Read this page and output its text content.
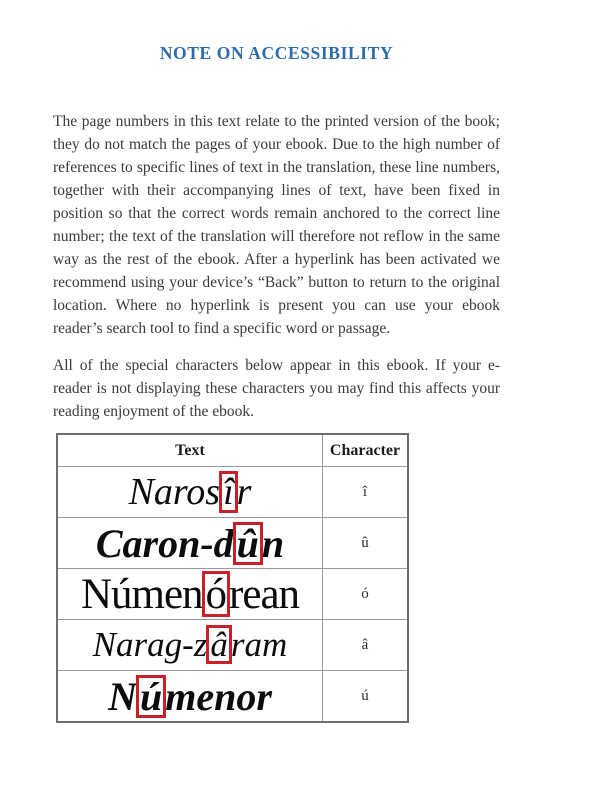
NOTE ON ACCESSIBILITY

The page numbers in this text relate to the printed version of the book; they do not match the pages of your ebook. Due to the high number of references to specific lines of text in the translation, these line numbers, together with their accompanying lines of text, have been fixed in position so that the correct words remain anchored to the correct line number; the text of the translation will therefore not reflow in the same way as the rest of the ebook. After a hyperlink has been activated we recommend using your device’s “Back” button to return to the original location. Where no hyperlink is present you can use your ebook reader’s search tool to find a specific word or passage.

All of the special characters below appear in this ebook. If your e-reader is not displaying these characters you may find this affects your reading enjoyment of the ebook.

Text	Character
Narosîr	î
Caron-dûn	û
Númenórean	ó
Narag-zâram	â
Númenor	ú
